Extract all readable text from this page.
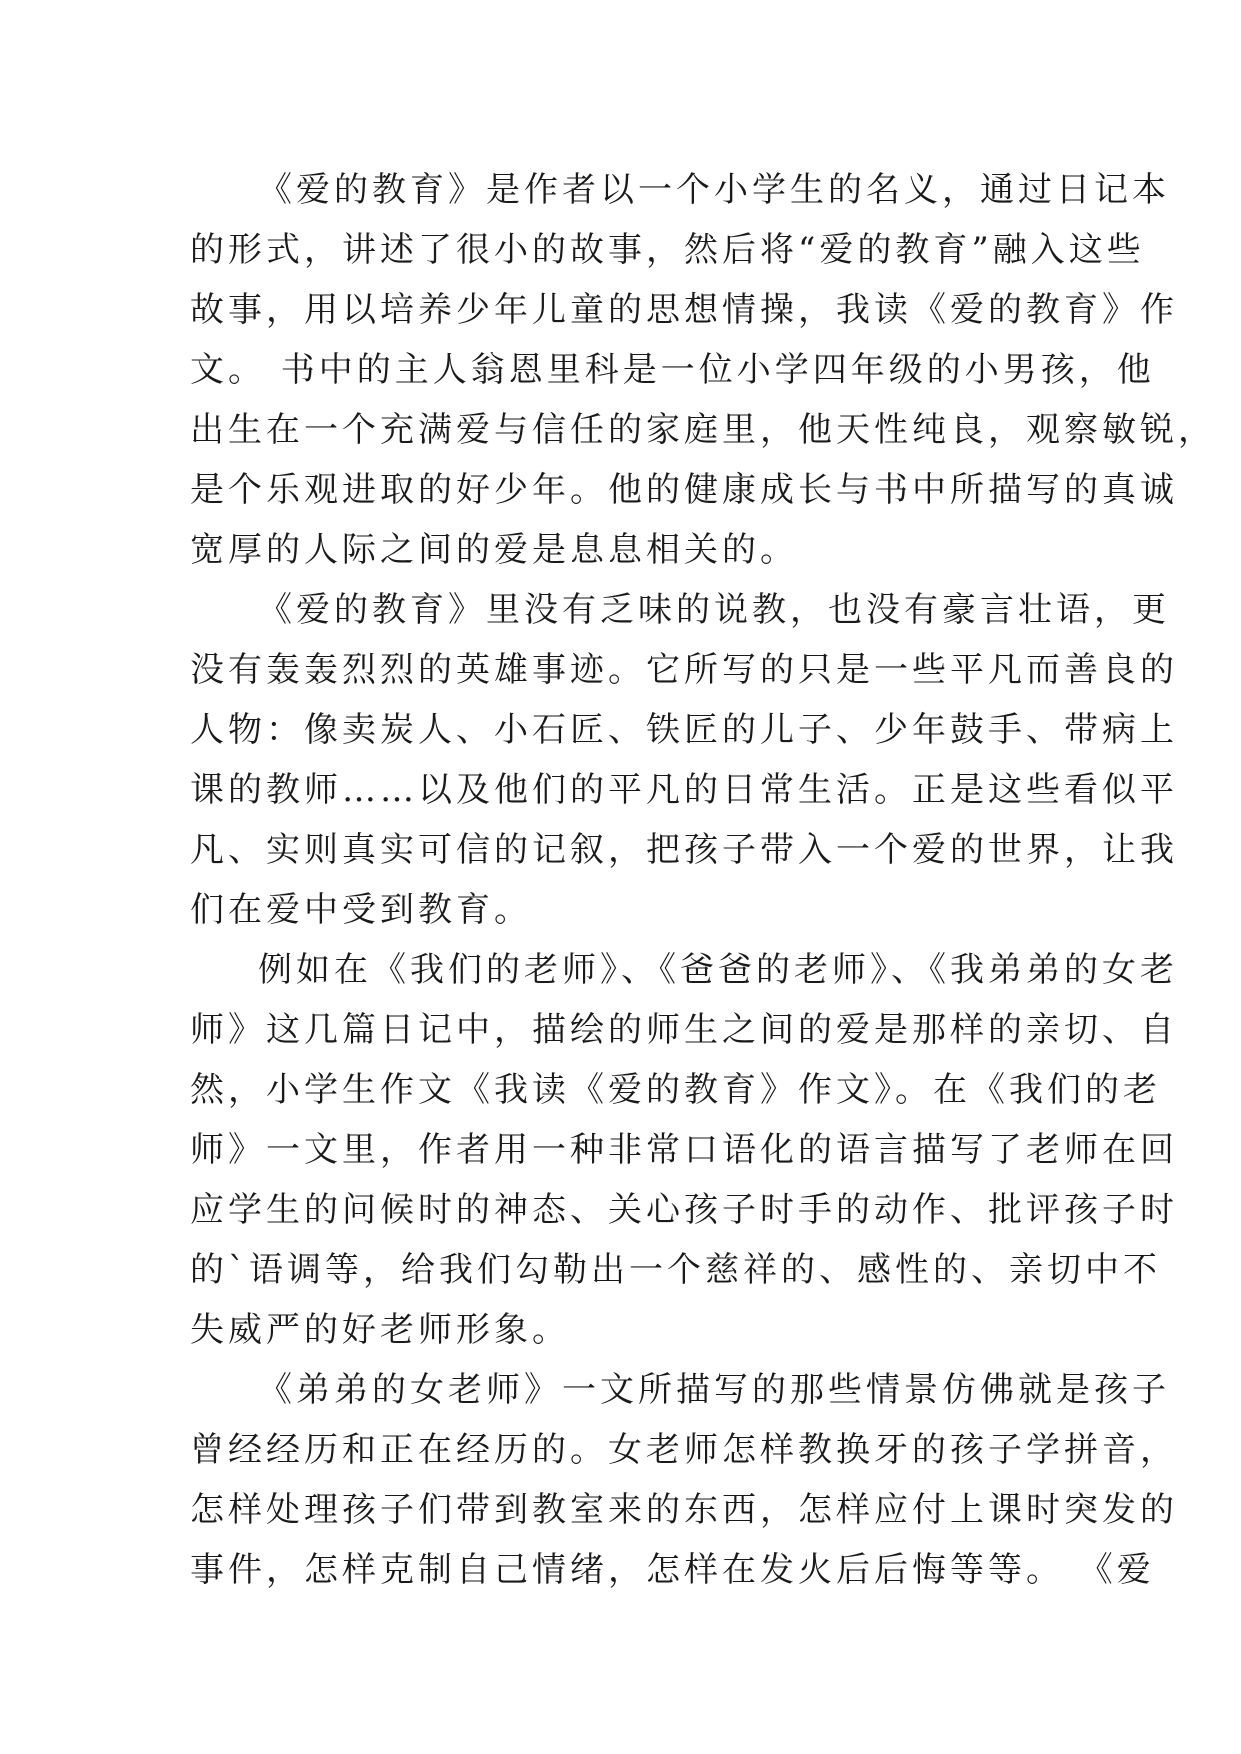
《爱的教育》是作者以一个小学生的名义，通过日记本
的形式，讲述了很小的故事，然后将“爱的教育”融入这些
故事，用以培养少年儿童的思想情操，我读《爱的教育》作
文。 书中的主人翁恩里科是一位小学四年级的小男孩，他
出生在一个充满爱与信任的家庭里，他天性纯良，观察敏锐，
是个乐观进取的好少年。他的健康成长与书中所描写的真诚
宽厚的人际之间的爱是息息相关的。
《爱的教育》里没有乏味的说教，也没有豪言壮语，更
没有轰轰烈烈的英雄事迹。它所写的只是一些平凡而善良的
人物：像卖炭人、小石匠、铁匠的儿子、少年鼓手、带病上
课的教师……以及他们的平凡的日常生活。正是这些看似平
凡、实则真实可信的记叙，把孩子带入一个爱的世界，让我
们在爱中受到教育。
例如在《我们的老师》、《爸爸的老师》、《我弟弟的女老
师》这几篇日记中，描绘的师生之间的爱是那样的亲切、自
然，小学生作文《我读《爱的教育》作文》。在《我们的老
师》一文里，作者用一种非常口语化的语言描写了老师在回
应学生的问候时的神态、关心孩子时手的动作、批评孩子时
的`语调等，给我们勾勒出一个慈祥的、感性的、亲切中不
失威严的好老师形象。
《弟弟的女老师》一文所描写的那些情景仿佛就是孩子
曾经经历和正在经历的。女老师怎样教换牙的孩子学拼音，
怎样处理孩子们带到教室来的东西，怎样应付上课时突发的
事件，怎样克制自己情绪，怎样在发火后后悔等等。 《爱
